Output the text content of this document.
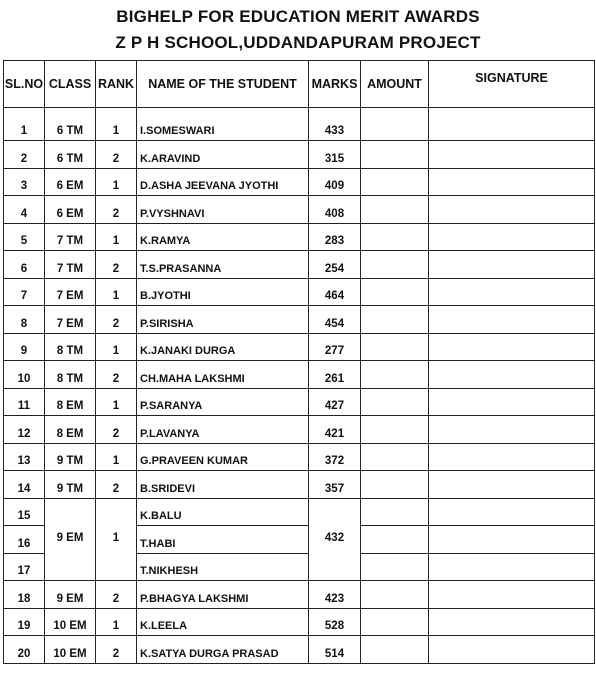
BIGHELP FOR EDUCATION MERIT AWARDS
Z P H SCHOOL,UDDANDAPURAM PROJECT
SL.NO	CLASS	RANK	NAME OF THE STUDENT	MARKS	AMOUNT	SIGNATURE
1	6 TM	1	I.SOMESWARI	433		
2	6 TM	2	K.ARAVIND	315		
3	6 EM	1	D.ASHA JEEVANA JYOTHI	409		
4	6 EM	2	P.VYSHNAVI	408		
5	7 TM	1	K.RAMYA	283		
6	7 TM	2	T.S.PRASANNA	254		
7	7 EM	1	B.JYOTHI	464		
8	7 EM	2	P.SIRISHA	454		
9	8 TM	1	K.JANAKI DURGA	277		
10	8 TM	2	CH.MAHA LAKSHMI	261		
11	8 EM	1	P.SARANYA	427		
12	8 EM	2	P.LAVANYA	421		
13	9 TM	1	G.PRAVEEN KUMAR	372		
14	9 TM	2	B.SRIDEVI	357		
15	9 EM	1	K.BALU	432		
16			T.HABI			
17			T.NIKHESH			
18	9 EM	2	P.BHAGYA LAKSHMI	423		
19	10 EM	1	K.LEELA	528		
20	10 EM	2	K.SATYA DURGA PRASAD	514		
